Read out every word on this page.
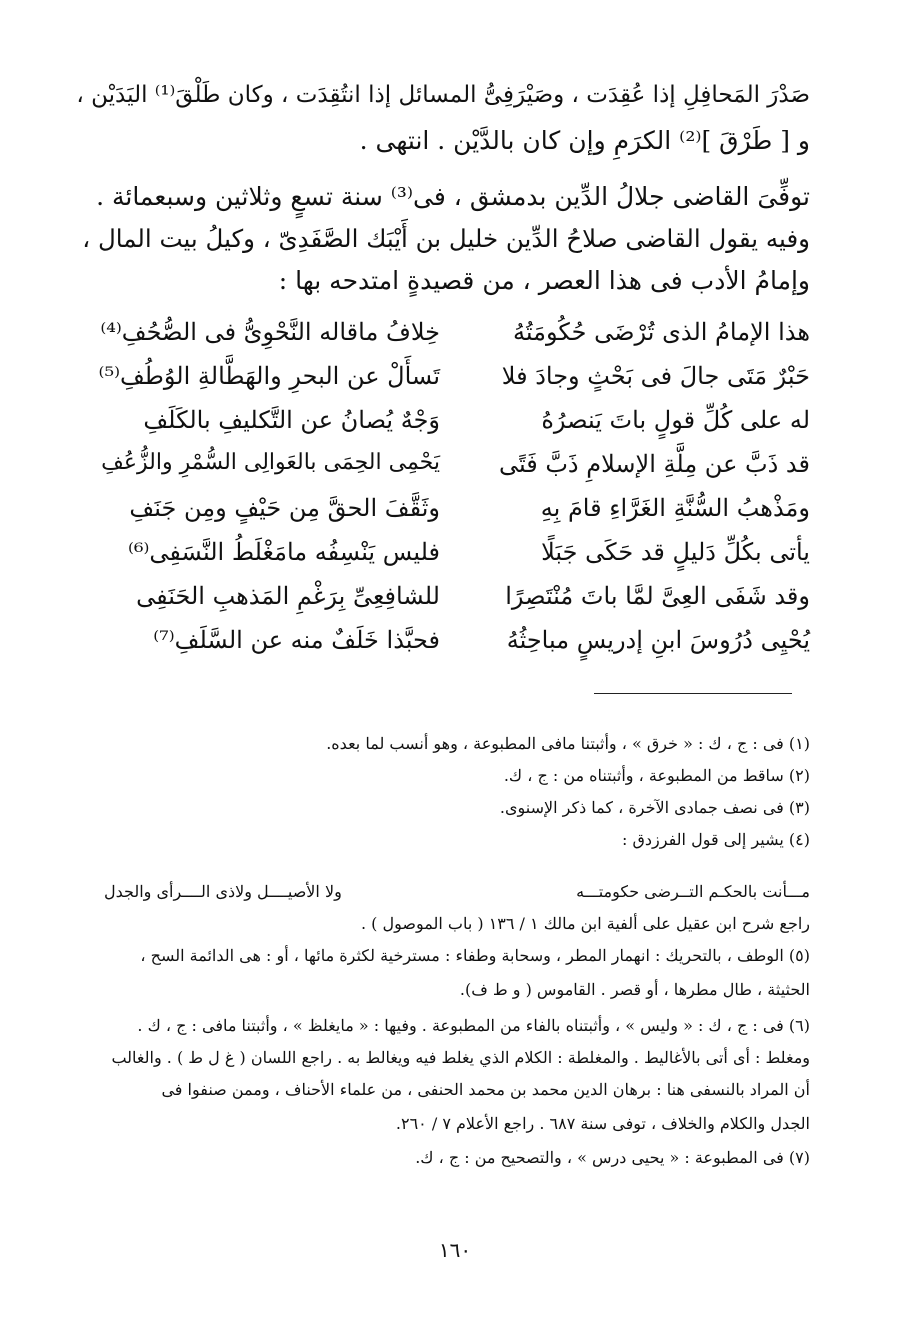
صَدْرَ المَحافِلِ إذا عُقِدَت ، وصَيْرَفِىُّ المسائل إذا انتُقِدَت ، وكان طَلْقَ⁽¹⁾ اليَدَيْن ،
و [ طَرْقَ ]⁽²⁾ الكرَمِ وإن كان بالدَّيْن . انتهى .
توفِّىَ القاضى جلالُ الدِّين بدمشق ، فى⁽³⁾ سنة تسعٍ وثلاثين وسبعمائة .
وفيه يقول القاضى صلاحُ الدِّين خليل بن أَيْبَك الصَّفَدِىّ ، وكيلُ بيت المال ،
وإمامُ الأدب فى هذا العصر ، من قصيدةٍ امتدحه بها :
هذا الإمامُ الذى تُرْضَى حُكُومَتُهُ
خِلافُ ماقاله النَّحْوِىُّ فى الصُّحُفِ⁽⁴⁾
حَبْرٌ مَتَى جالَ فى بَحْثٍ وجادَ فلا
تَسأَلْ عن البحرِ والهَطَّالةِ الوُطُفِ⁽⁵⁾
له على كُلِّ قولٍ باتَ يَنصرُهُ
وَجْهٌ يُصانُ عن التَّكليفِ بالكَلَفِ
قد ذَبَّ عن مِلَّةِ الإسلامِ ذَبَّ فَتًى
يَحْمِى الحِمَى بالعَوالِى السُّمْرِ والزُّعُفِ
ومَذْهبُ السُّنَّةِ الغَرَّاءِ قامَ بِهِ
وثَقَّفَ الحقَّ مِن حَيْفٍ ومِن جَنَفِ
يأتى بكُلِّ دَليلٍ قد حَكَى جَبَلًا
فليس يَنْسِفُه مامَغْلَطُ النَّسَفِى⁽⁶⁾
وقد شَفَى العِىَّ لمَّا باتَ مُنْتَصِرًا
للشافِعِىِّ بِرَغْمِ المَذهبِ الحَنَفِى
يُحْيِى دُرُوسَ ابنِ إدريسٍ مباحِثُهُ
فحبَّذا خَلَفٌ منه عن السَّلَفِ⁽⁷⁾
(١) فى : ج ، ك : « خرق » ، وأثبتنا مافى المطبوعة ، وهو أنسب لما بعده.
(٢) ساقط من المطبوعة ، وأثبتناه من : ج ، ك.
(٣) فى نصف جمادى الآخرة ، كما ذكر الإسنوى.
(٤) يشير إلى قول الفرزدق :
مـــأنت بالحكـم التــرضى حكومتـــه
ولا الأصيــــل ولاذى الــــرأى والجدل
راجع شرح ابن عقيل على ألفية ابن مالك ١ / ١٣٦ ( باب الموصول ) .
(٥) الوطف ، بالتحريك : انهمار المطر ، وسحابة وطفاء : مسترخية لكثرة مائها ، أو : هى الدائمة السح ،
الحثيثة ، طال مطرها ، أو قصر . القاموس ( و ط ف).
(٦) فى : ج ، ك : « وليس » ، وأثبتناه بالفاء من المطبوعة . وفيها : « مايغلظ » ، وأثبتنا مافى : ج ، ك .
ومغلط : أى أتى بالأغاليط . والمغلطة : الكلام الذي يغلط فيه ويغالط به . راجع اللسان ( غ ل ط ) . والغالب
أن المراد بالنسفى هنا : برهان الدين محمد بن محمد الحنفى ، من علماء الأحناف ، وممن صنفوا فى
الجدل والكلام والخلاف ، توفى سنة ٦٨٧ . راجع الأعلام ٧ / ٢٦٠.
(٧) فى المطبوعة : « يحيى درس » ، والتصحيح من : ج ، ك.
١٦٠
